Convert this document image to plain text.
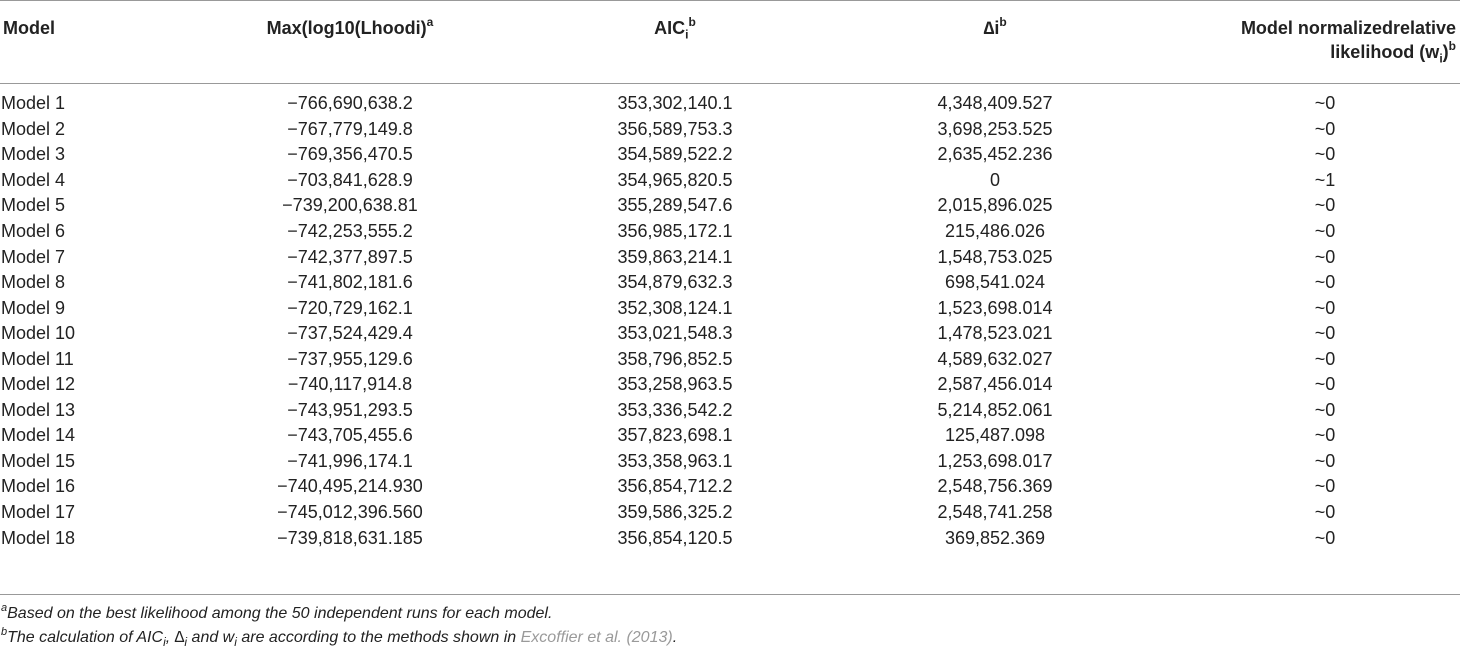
Model	Max(log10(Lhoodi)$^a$	$AIC_i^b$	$\Delta i^b$	Model normalizedrelative
likelihood $(w_i)^b$

Model 1	−766,690,638.2	353,302,140.1	4,348,409.527	~0
Model 2	−767,779,149.8	356,589,753.3	3,698,253.525	~0
Model 3	−769,356,470.5	354,589,522.2	2,635,452.236	~0
Model 4	−703,841,628.9	354,965,820.5	0	~1
Model 5	−739,200,638.81	355,289,547.6	2,015,896.025	~0
Model 6	−742,253,555.2	356,985,172.1	215,486.026	~0
Model 7	−742,377,897.5	359,863,214.1	1,548,753.025	~0
Model 8	−741,802,181.6	354,879,632.3	698,541.024	~0
Model 9	−720,729,162.1	352,308,124.1	1,523,698.014	~0
Model 10	−737,524,429.4	353,021,548.3	1,478,523.021	~0
Model 11	−737,955,129.6	358,796,852.5	4,589,632.027	~0
Model 12	−740,117,914.8	353,258,963.5	2,587,456.014	~0
Model 13	−743,951,293.5	353,336,542.2	5,214,852.061	~0
Model 14	−743,705,455.6	357,823,698.1	125,487.098	~0
Model 15	−741,996,174.1	353,358,963.1	1,253,698.017	~0
Model 16	−740,495,214.930	356,854,712.2	2,548,756.369	~0
Model 17	−745,012,396.560	359,586,325.2	2,548,741.258	~0
Model 18	−739,818,631.185	356,854,120.5	369,852.369	~0
$^a$Based on the best likelihood among the 50 independent runs for each model.
$^b$The calculation of $AIC_i$, $\Delta_i$ and $w_i$ are according to the methods shown in Excoffier et al. (2013).
